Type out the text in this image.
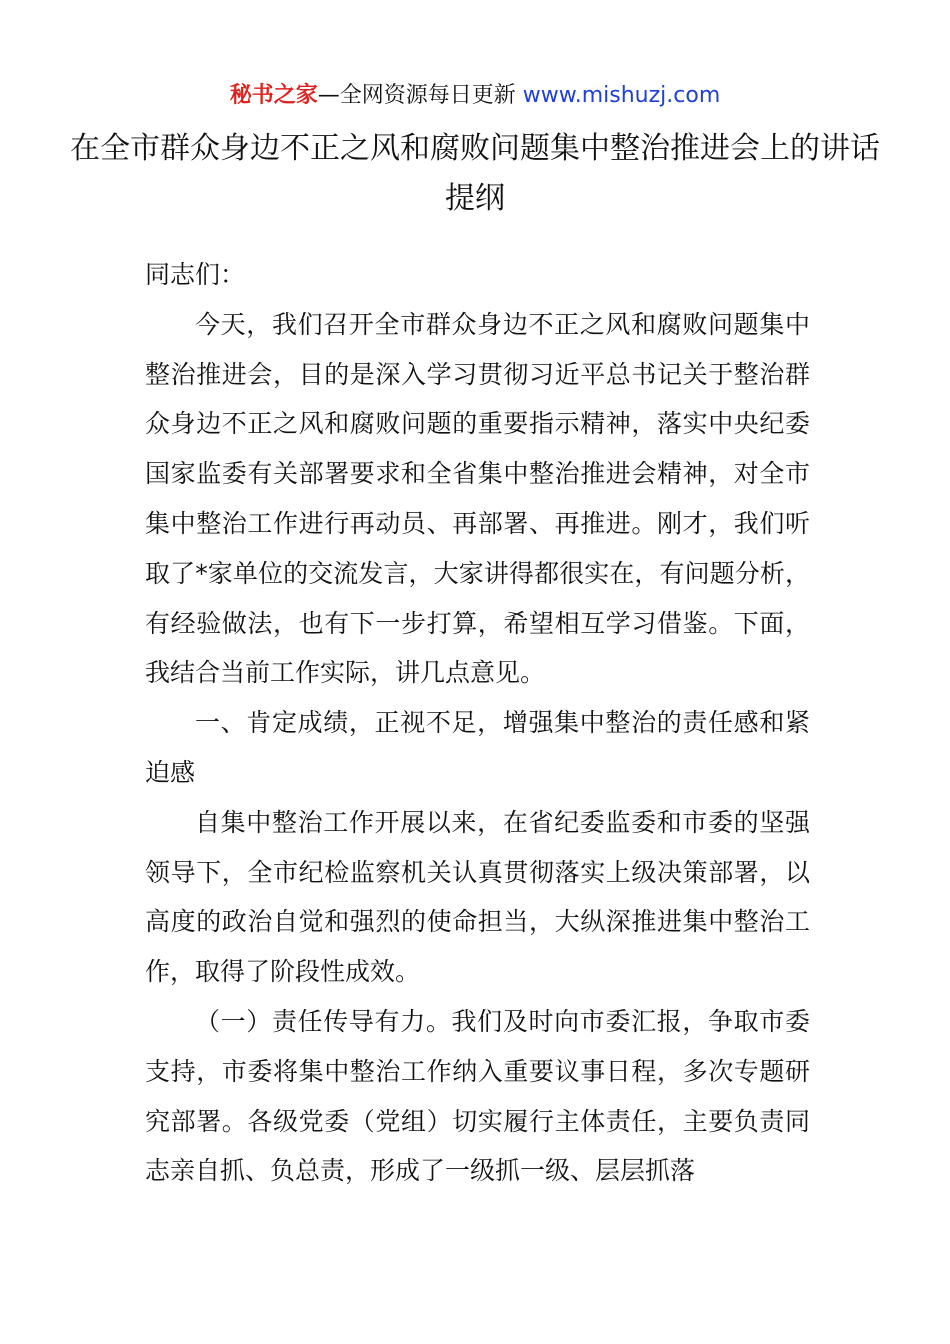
秘书之家—全网资源每日更新 www.mishuzj.com
在全市群众身边不正之风和腐败问题集中整治推进会上的讲话提纲

同志们：

今天，我们召开全市群众身边不正之风和腐败问题集中整治推进会，目的是深入学习贯彻习近平总书记关于整治群众身边不正之风和腐败问题的重要指示精神，落实中央纪委国家监委有关部署要求和全省集中整治推进会精神，对全市集中整治工作进行再动员、再部署、再推进。刚才，我们听取了*家单位的交流发言，大家讲得都很实在，有问题分析，有经验做法，也有下一步打算，希望相互学习借鉴。下面，我结合当前工作实际，讲几点意见。

一、肯定成绩，正视不足，增强集中整治的责任感和紧迫感

自集中整治工作开展以来，在省纪委监委和市委的坚强领导下，全市纪检监察机关认真贯彻落实上级决策部署，以高度的政治自觉和强烈的使命担当，大纵深推进集中整治工作，取得了阶段性成效。

（一）责任传导有力。我们及时向市委汇报，争取市委支持，市委将集中整治工作纳入重要议事日程，多次专题研究部署。各级党委（党组）切实履行主体责任，主要负责同志亲自抓、负总责，形成了一级抓一级、层层抓落
